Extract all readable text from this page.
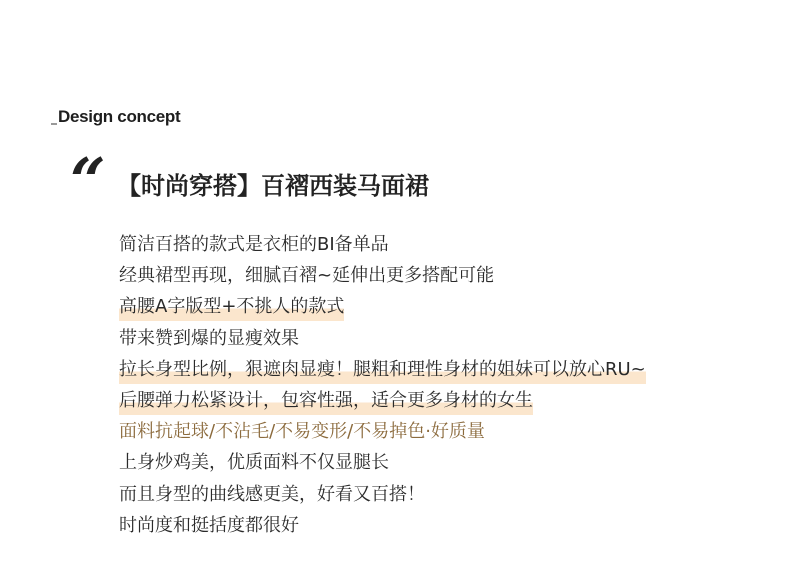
Design concept
“ 【时尚穿搭】百褶西装马面裙
简洁百搭的款式是衣柜的BI备单品
经典裙型再现，细腻百褶~延伸出更多搭配可能
高腰A字版型+不挑人的款式
带来赞到爆的显瘦效果
拉长身型比例，狠遮肉显瘦！腿粗和理性身材的姐妹可以放心RU~
后腰弹力松紧设计，包容性强，适合更多身材的女生
面料抗起球/不沾毛/不易变形/不易掉色·好质量
上身炒鸡美，优质面料不仅显腿长
而且身型的曲线感更美，好看又百搭！
时尚度和挺括度都很好
